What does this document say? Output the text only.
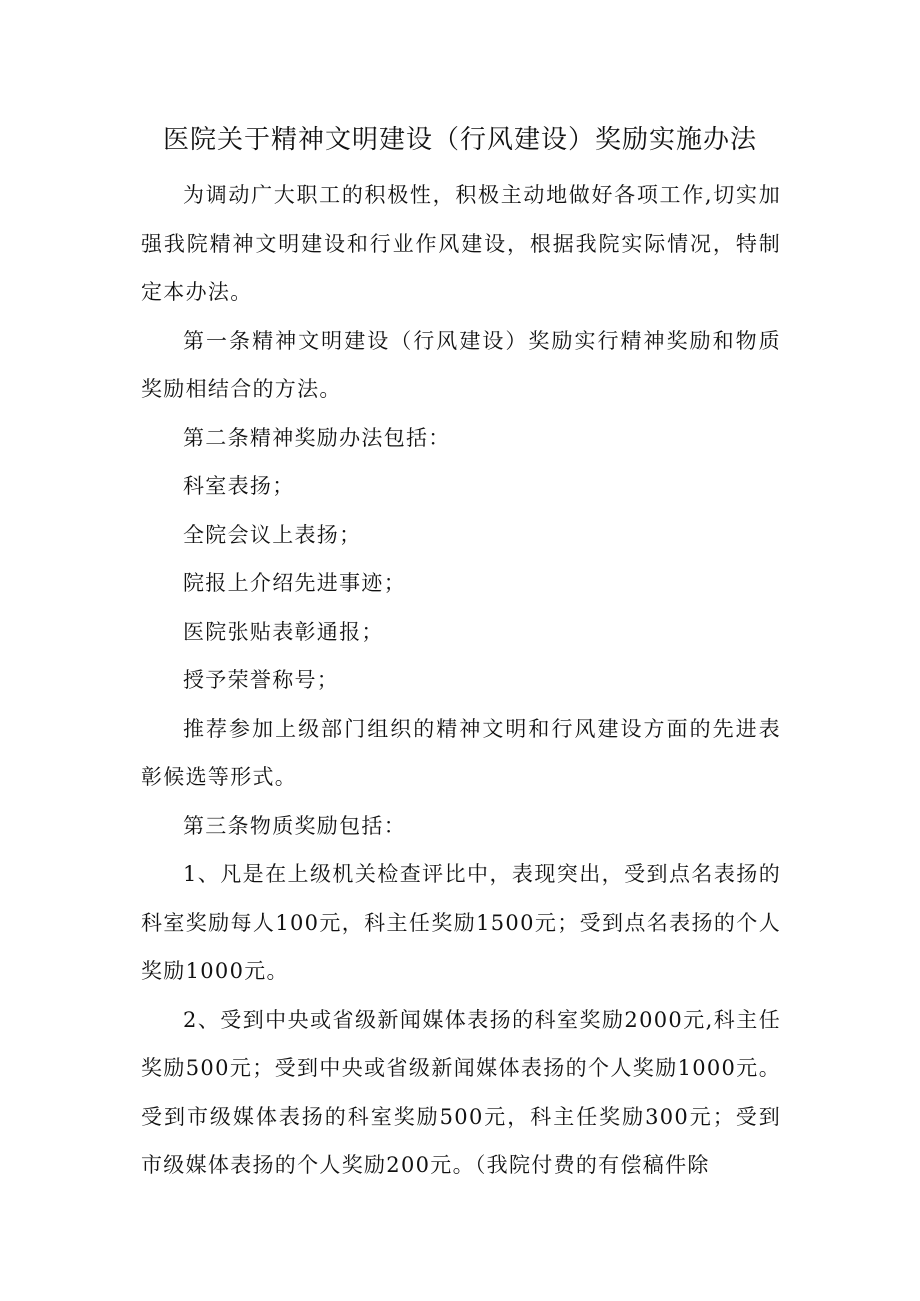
医院关于精神文明建设（行风建设）奖励实施办法

为调动广大职工的积极性，积极主动地做好各项工作,切实加强我院精神文明建设和行业作风建设，根据我院实际情况，特制定本办法。

第一条精神文明建设（行风建设）奖励实行精神奖励和物质奖励相结合的方法。

第二条精神奖励办法包括：

科室表扬；

全院会议上表扬；

院报上介绍先进事迹；

医院张贴表彰通报；

授予荣誉称号；

推荐参加上级部门组织的精神文明和行风建设方面的先进表彰候选等形式。

第三条物质奖励包括：

1、凡是在上级机关检查评比中，表现突出，受到点名表扬的科室奖励每人100元，科主任奖励1500元；受到点名表扬的个人奖励1000元。

2、受到中央或省级新闻媒体表扬的科室奖励2000元,科主任奖励500元；受到中央或省级新闻媒体表扬的个人奖励1000元。受到市级媒体表扬的科室奖励500元，科主任奖励300元；受到市级媒体表扬的个人奖励200元。（我院付费的有偿稿件除
